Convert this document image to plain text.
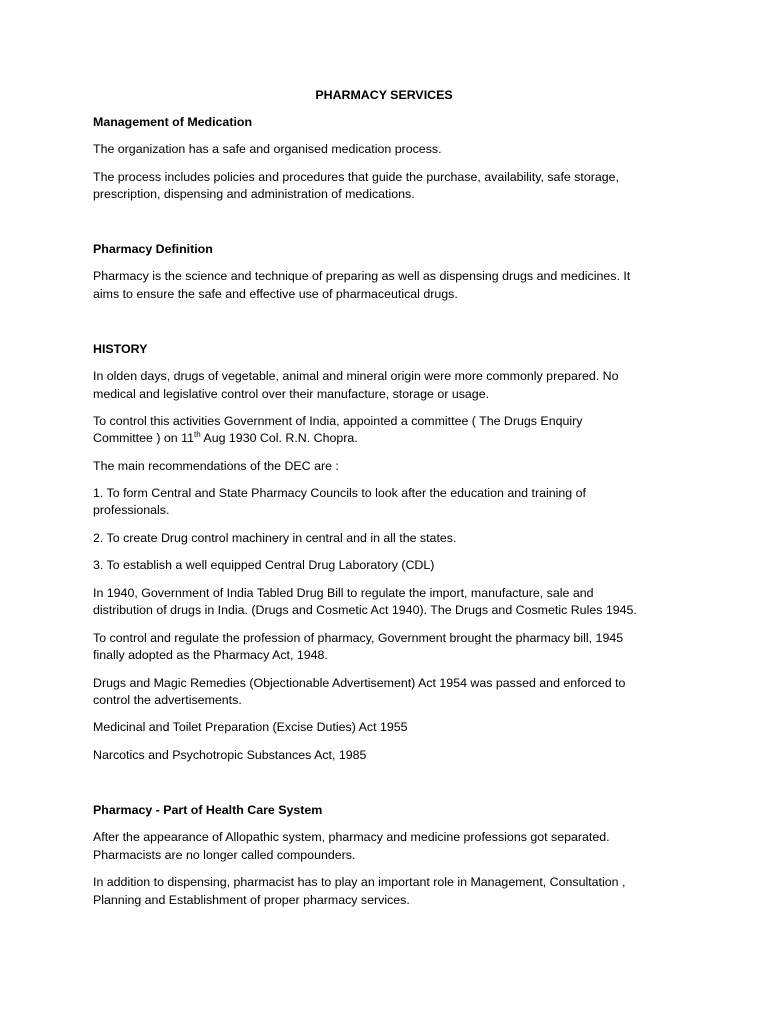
PHARMACY SERVICES

Management of Medication

The organization has a safe and organised medication process.

The process includes policies and procedures that guide the purchase, availability, safe storage,

prescription, dispensing and administration of medications.

Pharmacy Definition

Pharmacy is the science and technique of preparing as well as dispensing drugs and medicines. It

aims to ensure the safe and effective use of pharmaceutical drugs.

HISTORY

In olden days, drugs of vegetable, animal and mineral origin were more commonly prepared. No

medical and legislative control over their manufacture, storage or usage.

To control this activities Government of India, appointed a committee ( The Drugs Enquiry

Committee ) on 11th Aug 1930 Col. R.N. Chopra.

The main recommendations of the DEC are :

1. To form Central and State Pharmacy Councils to look after the education and training of

professionals.

2. To create Drug control machinery in central and in all the states.

3. To establish a well equipped Central Drug Laboratory (CDL)

In 1940, Government of India Tabled Drug Bill to regulate the import, manufacture, sale and

distribution of drugs in India. (Drugs and Cosmetic Act 1940). The Drugs and Cosmetic Rules 1945.

To control and regulate the profession of pharmacy, Government brought the pharmacy bill, 1945

finally adopted as the Pharmacy Act, 1948.

Drugs and Magic Remedies (Objectionable Advertisement) Act 1954 was passed and enforced to

control the advertisements.

Medicinal and Toilet Preparation (Excise Duties) Act 1955

Narcotics and Psychotropic Substances Act, 1985

Pharmacy - Part of Health Care System

After the appearance of Allopathic system, pharmacy and medicine professions got separated.

Pharmacists are no longer called compounders.

In addition to dispensing, pharmacist has to play an important role in Management, Consultation ,

Planning and Establishment of proper pharmacy services.
